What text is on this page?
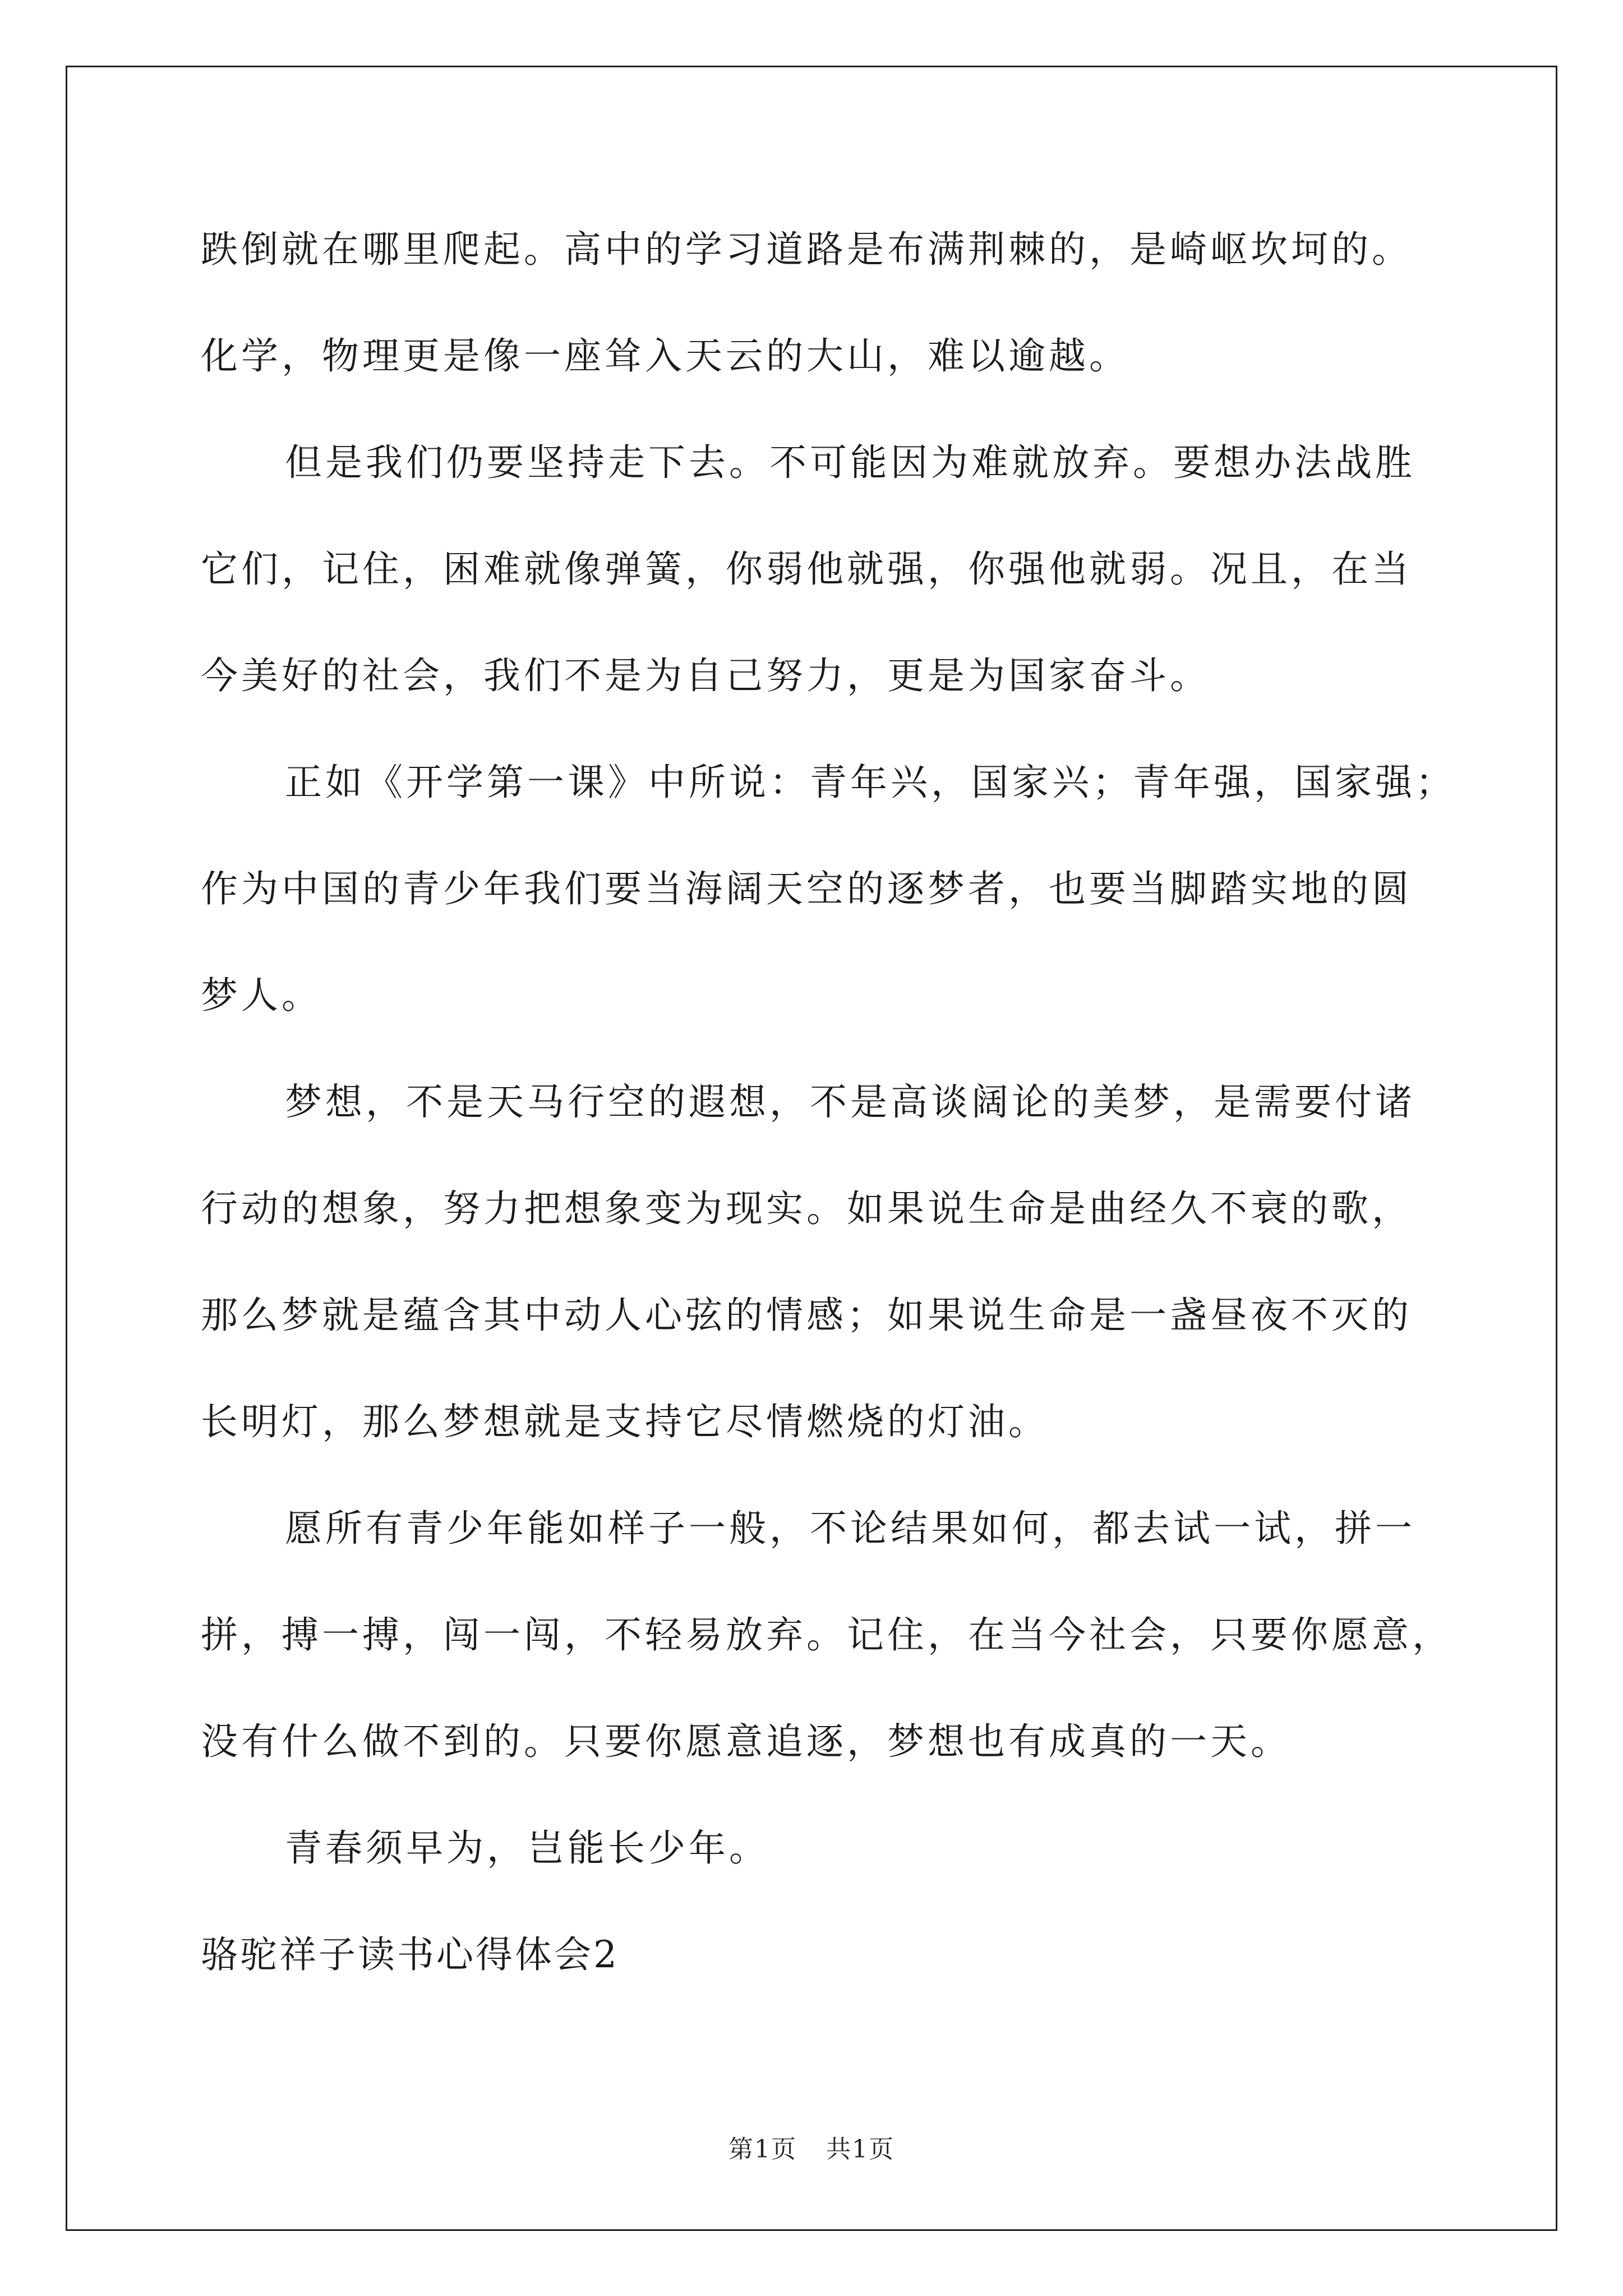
跌倒就在哪里爬起。高中的学习道路是布满荆棘的，是崎岖坎坷的。
化学，物理更是像一座耸入天云的大山，难以逾越。
但是我们仍要坚持走下去。不可能因为难就放弃。要想办法战胜
它们，记住，困难就像弹簧，你弱他就强，你强他就弱。况且，在当
今美好的社会，我们不是为自己努力，更是为国家奋斗。
正如《开学第一课》中所说：青年兴，国家兴；青年强，国家强；
作为中国的青少年我们要当海阔天空的逐梦者，也要当脚踏实地的圆
梦人。
梦想，不是天马行空的遐想，不是高谈阔论的美梦，是需要付诸
行动的想象，努力把想象变为现实。如果说生命是曲经久不衰的歌，
那么梦就是蕴含其中动人心弦的情感；如果说生命是一盏昼夜不灭的
长明灯，那么梦想就是支持它尽情燃烧的灯油。
愿所有青少年能如样子一般，不论结果如何，都去试一试，拼一
拼，搏一搏，闯一闯，不轻易放弃。记住，在当今社会，只要你愿意，
没有什么做不到的。只要你愿意追逐，梦想也有成真的一天。
青春须早为，岂能长少年。
骆驼祥子读书心得体会2
第1页 共1页
